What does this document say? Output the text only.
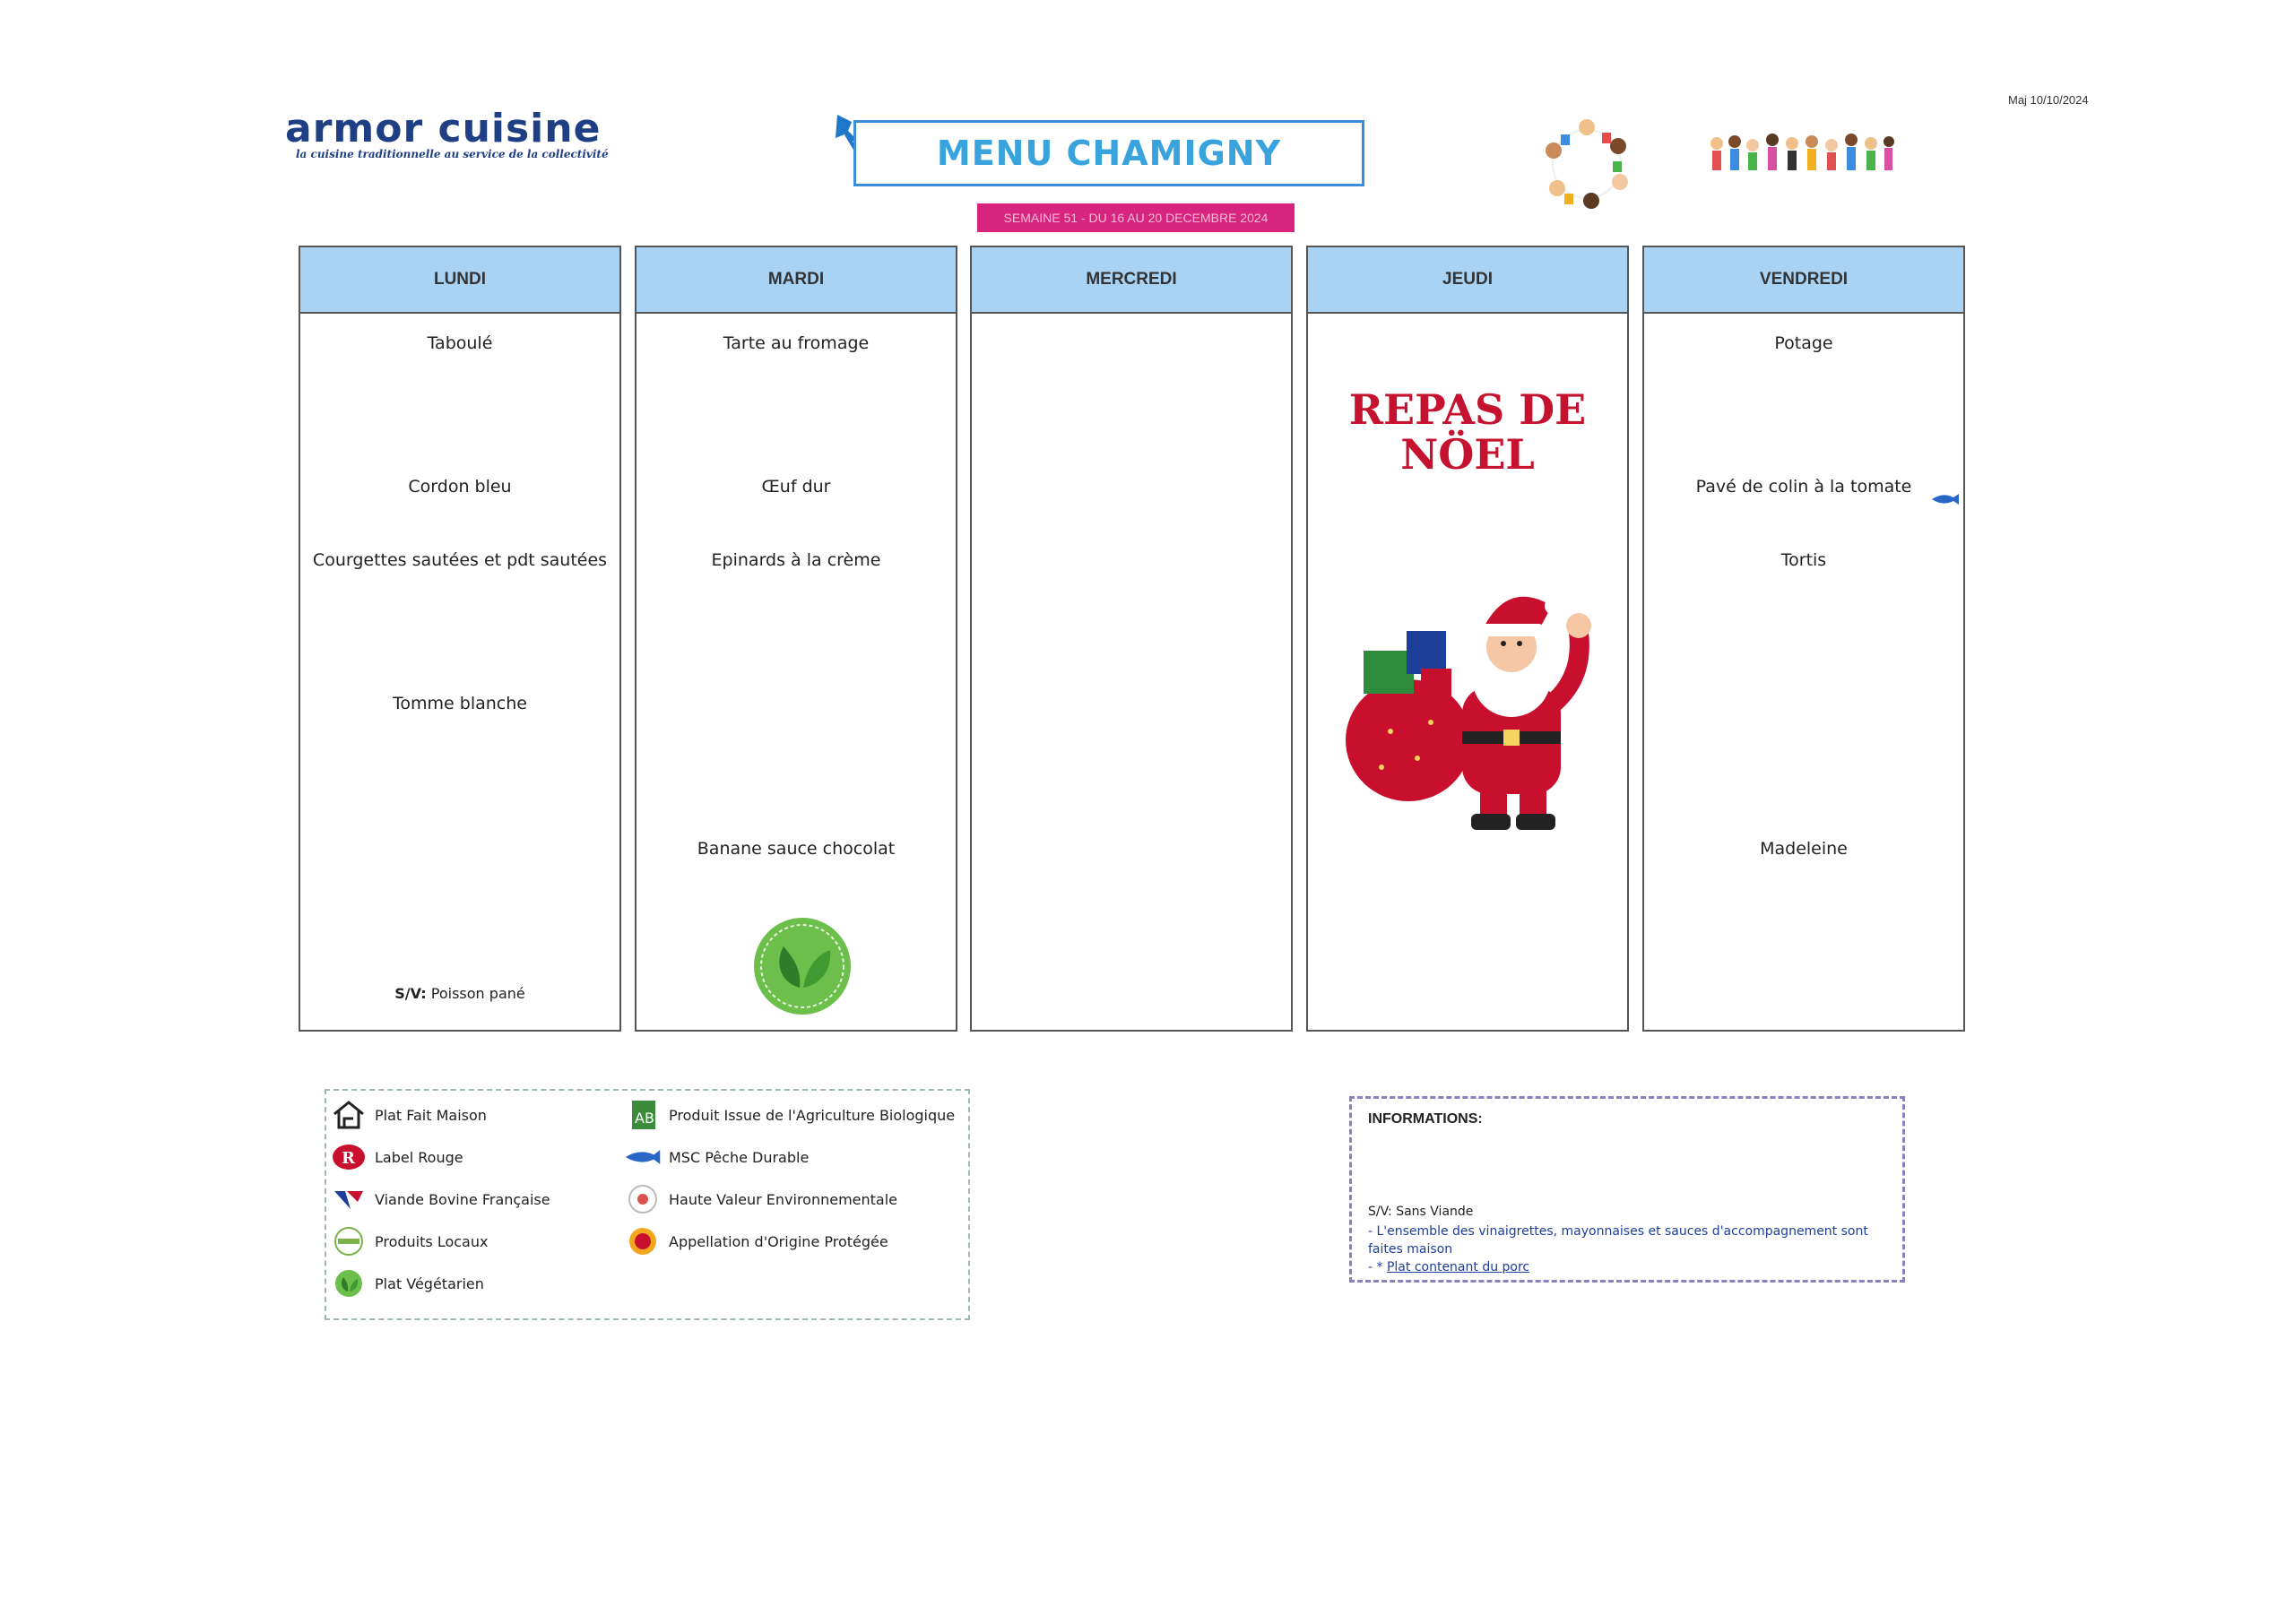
armor cuisine
la cuisine traditionnelle au service de la collectivité
Maj 10/10/2024
MENU CHAMIGNY
SEMAINE 51 - DU 16 AU 20 DECEMBRE 2024
LUNDI
Taboulé
Cordon bleu
Courgettes sautées et pdt sautées
Tomme blanche
S/V: Poisson pané
MARDI
Tarte au fromage
Œuf dur
Epinards à la crème
Banane sauce chocolat
MERCREDI	JEUDI
REPAS DE
NÖEL
VENDREDI
Potage
Pavé de colin à la tomate
Tortis
Madeleine
Plat Fait Maison
R Label Rouge
Viande Bovine Française
Produits Locaux
Plat Végétarien
AB Produit Issue de l'Agriculture Biologique
MSC Pêche Durable
Haute Valeur Environnementale
Appellation d'Origine Protégée
INFORMATIONS:
S/V: Sans Viande
- L'ensemble des vinaigrettes, mayonnaises et sauces d'accompagnement sont faites maison
- * Plat contenant du porc
